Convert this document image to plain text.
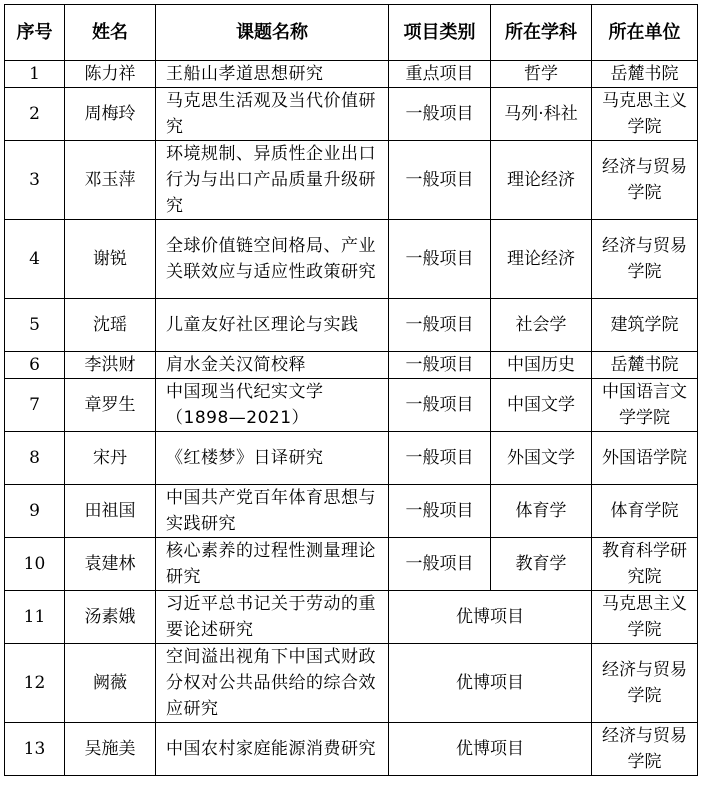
序号	姓名	课题名称	项目类别	所在学科	所在单位
1	陈力祥	王船山孝道思想研究	重点项目	哲学	岳麓书院
2	周梅玲	马克思生活观及当代价值研究	一般项目	马列·科社	马克思主义学院
3	邓玉萍	环境规制、异质性企业出口行为与出口产品质量升级研究	一般项目	理论经济	经济与贸易学院
4	谢锐	全球价值链空间格局、产业关联效应与适应性政策研究	一般项目	理论经济	经济与贸易学院
5	沈瑶	儿童友好社区理论与实践	一般项目	社会学	建筑学院
6	李洪财	肩水金关汉简校释	一般项目	中国历史	岳麓书院
7	章罗生	中国现当代纪实文学（1898—2021）	一般项目	中国文学	中国语言文学学院
8	宋丹	《红楼梦》日译研究	一般项目	外国文学	外国语学院
9	田祖国	中国共产党百年体育思想与实践研究	一般项目	体育学	体育学院
10	袁建林	核心素养的过程性测量理论研究	一般项目	教育学	教育科学研究院
11	汤素娥	习近平总书记关于劳动的重要论述研究	优博项目		马克思主义学院
12	阙薇	空间溢出视角下中国式财政分权对公共品供给的综合效应研究	优博项目		经济与贸易学院
13	吴施美	中国农村家庭能源消费研究	优博项目		经济与贸易学院
